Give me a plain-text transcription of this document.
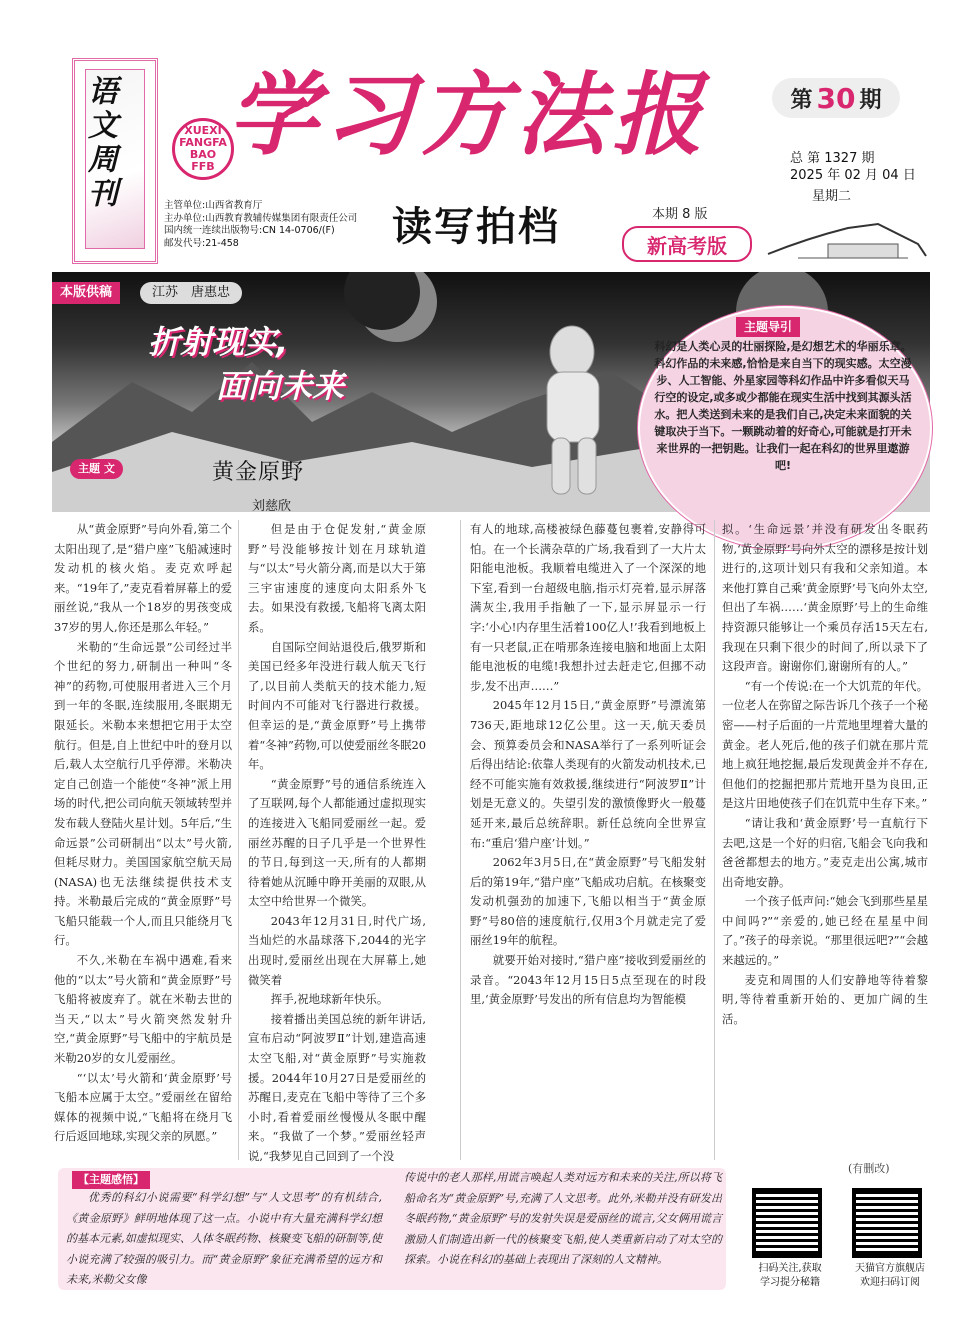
语文周刊	XUEXI FANGFA BAO
FFB 学习方法报	第 30 期
总 第 1327 期
2025 年 02 月 04 日
星期二
主管单位:山西省教育厅
主办单位:山西教育教辅传媒集团有限责任公司
国内统一连续出版物号:CN 14-0706/(F)
邮发代号:21-458	读写拍档	本期 8 版
新高考版
本版供稿	江苏　唐惠忠
折射现实,
面向未来
主题 文	黄金原野
刘慈欣
主题导引
科幻是人类心灵的壮丽探险,是幻想艺术的华丽乐章。科幻作品的未来感,恰恰是来自当下的现实感。太空漫步、人工智能、外星家园等科幻作品中许多看似天马行空的设定,或多或少都能在现实生活中找到其源头活水。把人类送到未来的是我们自己,决定未来面貌的关键取决于当下。一颗跳动着的好奇心,可能就是打开未来世界的一把钥匙。让我们一起在科幻的世界里遨游吧!

从“黄金原野”号向外看,第二个太阳出现了,是“猎户座”飞船减速时发动机的核火焰。麦克欢呼起来。“19年了,”麦克看着屏幕上的爱丽丝说,“我从一个18岁的男孩变成37岁的男人,你还是那么年轻。”

米勒的“生命远景”公司经过半个世纪的努力,研制出一种叫“冬神”的药物,可使服用者进入三个月到一年的冬眠,连续服用,冬眠期无限延长。米勒本来想把它用于太空航行。但是,自上世纪中叶的登月以后,载人太空航行几乎停滞。米勒决定自己创造一个能使“冬神”派上用场的时代,把公司向航天领域转型并发布载人登陆火星计划。5年后,“生命远景”公司研制出“以太”号火箭,但耗尽财力。美国国家航空航天局(NASA)也无法继续提供技术支持。米勒最后完成的“黄金原野”号飞船只能载一个人,而且只能绕月飞行。

不久,米勒在车祸中遇难,看来他的“以太”号火箭和“黄金原野”号飞船将被废弃了。就在米勒去世的当天,“以太”号火箭突然发射升空,“黄金原野”号飞船中的宇航员是米勒20岁的女儿爱丽丝。

“‘以太’号火箭和‘黄金原野’号飞船本应属于太空。”爱丽丝在留给媒体的视频中说,“飞船将在绕月飞行后返回地球,实现父亲的夙愿。”

但是由于仓促发射,“黄金原野”号没能够按计划在月球轨道与“以太”号火箭分离,而是以大于第三宇宙速度的速度向太阳系外飞去。如果没有救援,飞船将飞离太阳系。

自国际空间站退役后,俄罗斯和美国已经多年没进行载人航天飞行了,以目前人类航天的技术能力,短时间内不可能对飞行器进行救援。但幸运的是,“黄金原野”号上携带着“冬神”药物,可以使爱丽丝冬眠20年。

“黄金原野”号的通信系统连入了互联网,每个人都能通过虚拟现实的连接进入飞船同爱丽丝一起。爱丽丝苏醒的日子几乎是一个世界性的节日,每到这一天,所有的人都期待着她从沉睡中睁开美丽的双眼,从太空中给世界一个微笑。

2043年12月31日,时代广场,当灿烂的水晶球落下,2044的光字出现时,爱丽丝出现在大屏幕上,她微笑着

挥手,祝地球新年快乐。

接着播出美国总统的新年讲话,宣布启动“阿波罗Ⅱ”计划,建造高速太空飞船,对“黄金原野”号实施救援。2044年10月27日是爱丽丝的苏醒日,麦克在飞船中等待了三个多小时,看着爱丽丝慢慢从冬眠中醒来。“我做了一个梦。”爱丽丝轻声说,“我梦见自己回到了一个没

有人的地球,高楼被绿色藤蔓包裹着,安静得可怕。在一个长满杂草的广场,我看到了一大片太阳能电池板。我顺着电缆进入了一个深深的地下室,看到一台超级电脑,指示灯亮着,显示屏落满灰尘,我用手指触了一下,显示屏显示一行字:‘小心!内存里生活着100亿人!’我看到地板上有一只老鼠,正在啃那条连接电脑和地面上太阳能电池板的电缆!我想扑过去赶走它,但挪不动步,发不出声……”

2045年12月15日,“黄金原野”号漂流第736天,距地球12亿公里。这一天,航天委员会、预算委员会和NASA举行了一系列听证会后得出结论:依靠人类现有的火箭发动机技术,已经不可能实施有效救援,继续进行“阿波罗Ⅱ”计划是无意义的。失望引发的激愤像野火一般蔓延开来,最后总统辞职。新任总统向全世界宣布:“重启‘猎户座’计划。”

2062年3月5日,在“黄金原野”号飞船发射后的第19年,“猎户座”飞船成功启航。在核聚变发动机强劲的加速下,飞船以相当于“黄金原野”号80倍的速度航行,仅用3个月就走完了爱丽丝19年的航程。

就要开始对接时,“猎户座”接收到爱丽丝的录音。“2043年12月15日5点至现在的时段里,‘黄金原野’号发出的所有信息均为智能模

拟。‘生命远景’并没有研发出冬眠药物,‘黄金原野’号向外太空的漂移是按计划进行的,这项计划只有我和父亲知道。本来他打算自己乘‘黄金原野’号飞向外太空,但出了车祸……‘黄金原野’号上的生命维持资源只能够让一个乘员存活15天左右,我现在只剩下很少的时间了,所以录下了这段声音。谢谢你们,谢谢所有的人。”

“有一个传说:在一个大饥荒的年代。一位老人在弥留之际告诉几个孩子一个秘密——村子后面的一片荒地里埋着大量的黄金。老人死后,他的孩子们就在那片荒地上疯狂地挖掘,最后发现黄金并不存在,但他们的挖掘把那片荒地开垦为良田,正是这片田地使孩子们在饥荒中生存下来。”

“请让我和‘黄金原野’号一直航行下去吧,这是一个好的归宿,飞船会飞向我和爸爸都想去的地方。”麦克走出公寓,城市出奇地安静。

一个孩子低声问:“她会飞到那些星星中间吗?”“亲爱的,她已经在星星中间了。”孩子的母亲说。“那里很远吧?”“会越来越远的。”

麦克和周围的人们安静地等待着黎明,等待着重新开始的、更加广阔的生活。

(有删改)
【主题感悟】

优秀的科幻小说需要“科学幻想”与“人文思考”的有机结合,《黄金原野》鲜明地体现了这一点。小说中有大量充满科学幻想的基本元素,如虚拟现实、人体冬眠药物、核聚变飞船的研制等,使小说充满了较强的吸引力。而“黄金原野”象征充满希望的远方和未来,米勒父女像

传说中的老人那样,用谎言唤起人类对远方和未来的关注,所以将飞船命名为“黄金原野”号,充满了人文思考。此外,米勒并没有研发出冬眠药物,“黄金原野”号的发射失误是爱丽丝的谎言,父女俩用谎言激励人们制造出新一代的核聚变飞船,使人类重新启动了对太空的探索。小说在科幻的基础上表现出了深刻的人文精神。

扫码关注,获取
学习提分秘籍
天猫官方旗舰店
欢迎扫码订阅
